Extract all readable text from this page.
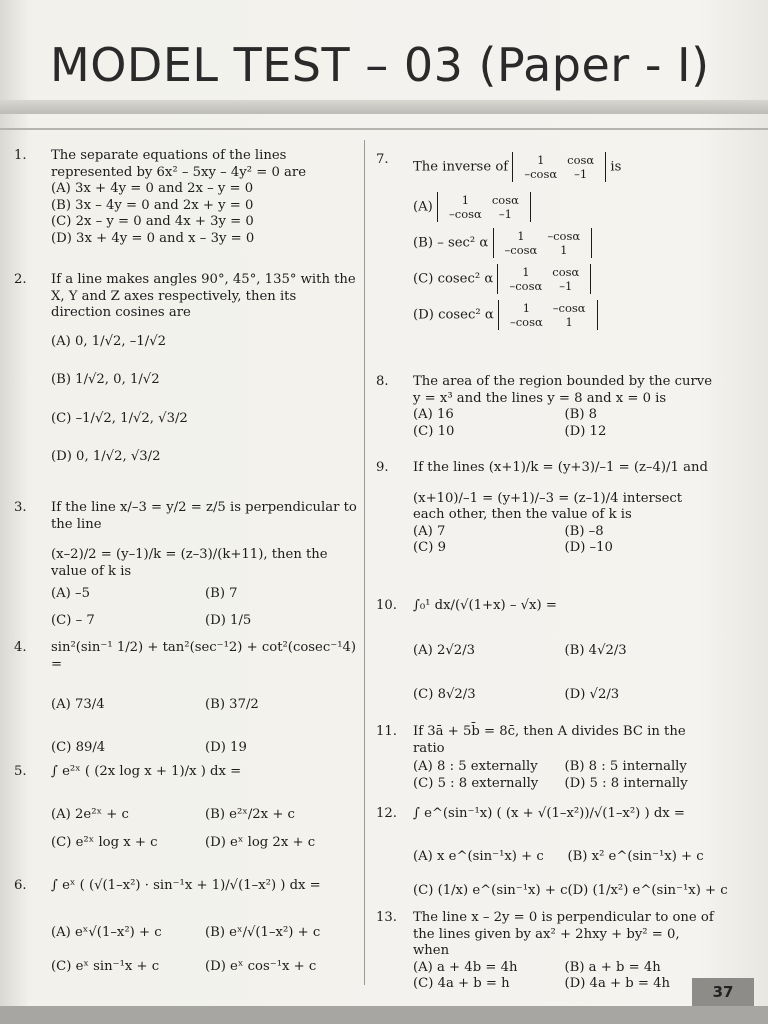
MODEL TEST – 03 (Paper - I)
1.	The separate equations of the lines represented by 6x² – 5xy – 4y² = 0 are
(A) 3x + 4y = 0 and 2x – y = 0
(B) 3x – 4y = 0 and 2x + y = 0
(C) 2x – y = 0 and 4x + 3y = 0
(D) 3x + 4y = 0 and x – 3y = 0
2.	If a line makes angles 90°, 45°, 135° with the X, Y and Z axes respectively, then its direction cosines are
(A) 0, 1/√2, –1/√2
(B) 1/√2, 0, 1/√2
(C) –1/√2, 1/√2, √3/2
(D) 0, 1/√2, √3/2
3.	If the line x/–3 = y/2 = z/5 is perpendicular to the line
(x–2)/2 = (y–1)/k = (z–3)/(k+11), then the value of k is
(A) –5	(B) 7
(C) – 7	(D) 1/5
4.	sin²(sin⁻¹ 1/2) + tan²(sec⁻¹2) + cot²(cosec⁻¹4) =
(A) 73/4	(B) 37/2
(C) 89/4	(D) 19
5.	∫ e²ˣ ( (2x log x + 1)/x ) dx =
(A) 2e²ˣ + c	(B) e²ˣ/2x + c
(C) e²ˣ log x + c	(D) eˣ log 2x + c
6.	∫ eˣ ( (√(1–x²) · sin⁻¹x + 1)/√(1–x²) ) dx =
(A) eˣ√(1–x²) + c	(B) eˣ/√(1–x²) + c
(C) eˣ sin⁻¹x + c	(D) eˣ cos⁻¹x + c
7.	The inverse of	1	cosα
–cosα	–1 is
(A)	1	cosα
–cosα	–1
(B) – sec² α	1	–cosα
–cosα	1
(C) cosec² α	1	cosα
–cosα	–1
(D) cosec² α	1	–cosα
–cosα	1
8.	The area of the region bounded by the curve y = x³ and the lines y = 8 and x = 0 is
(A) 16	(B) 8
(C) 10	(D) 12
9.	If the lines (x+1)/k = (y+3)/–1 = (z–4)/1 and
(x+10)/–1 = (y+1)/–3 = (z–1)/4 intersect each other, then the value of k is
(A) 7	(B) –8
(C) 9	(D) –10
10.	∫₀¹ dx/(√(1+x) – √x) =
(A) 2√2/3	(B) 4√2/3
(C) 8√2/3	(D) √2/3
11.	If 3ā + 5b̄ = 8c̄, then A divides BC in the ratio
(A) 8 : 5 externally	(B) 8 : 5 internally
(C) 5 : 8 externally	(D) 5 : 8 internally
12.	∫ e^(sin⁻¹x) ( (x + √(1–x²))/√(1–x²) ) dx =
(A) x e^(sin⁻¹x) + c	(B) x² e^(sin⁻¹x) + c
(C) (1/x) e^(sin⁻¹x) + c (D) (1/x²) e^(sin⁻¹x) + c
13.	The line x – 2y = 0 is perpendicular to one of the lines given by ax² + 2hxy + by² = 0, when
(A) a + 4b = 4h	(B) a + b = 4h
(C) 4a + b = h	(D) 4a + b = 4h	37
